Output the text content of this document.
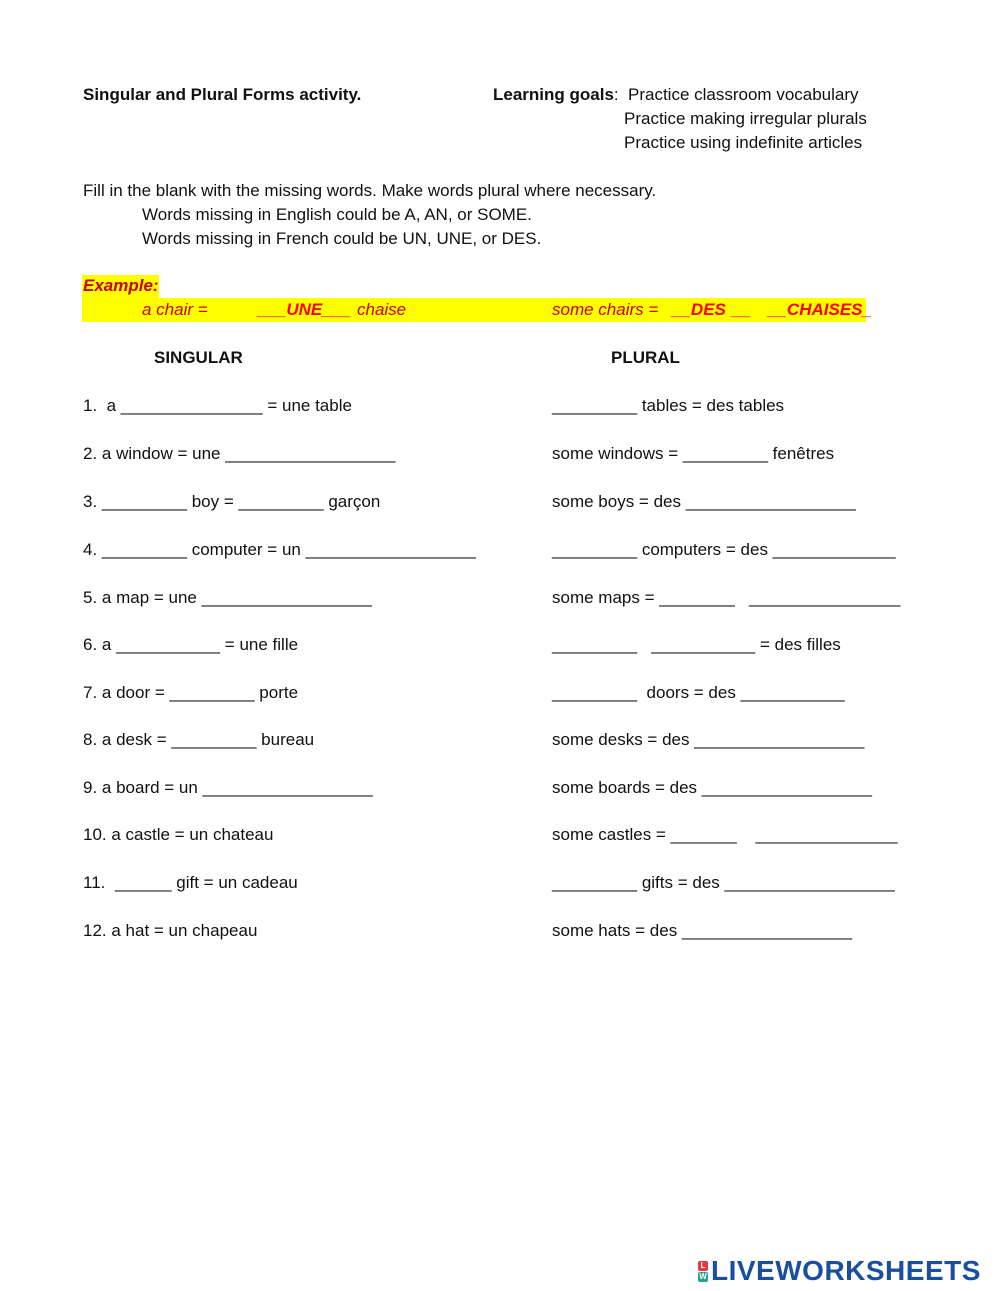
Singular and Plural Forms activity.	Learning goals: Practice classroom vocabulary
Practice making irregular plurals
Practice using indefinite articles
Fill in the blank with the missing words. Make words plural where necessary.
Words missing in English could be A, AN, or SOME.
Words missing in French could be UN, UNE, or DES.
Example:
a chair =	___UNE___ chaise	some chairs = __DES __ __CHAISES_
SINGULAR	PLURAL
1.  a _______________ = une table	_________ tables = des tables
2. a window = une __________________	some windows = _________ fenêtres
3. _________ boy = _________ garçon	some boys = des __________________
4. _________ computer = un __________________	_________ computers = des _____________
5. a map = une __________________	some maps = ________   ________________
6. a ___________ = une fille	_________   ___________ = des filles
7. a door = _________ porte	_________  doors = des ___________
8. a desk = _________ bureau	some desks = des __________________
9. a board = un __________________	some boards = des __________________
10. a castle = un chateau	some castles = _______    _______________
11.  ______ gift = un cadeau	_________ gifts = des __________________
12. a hat = un chapeau	some hats = des __________________
L
W LIVEWORKSHEETS
